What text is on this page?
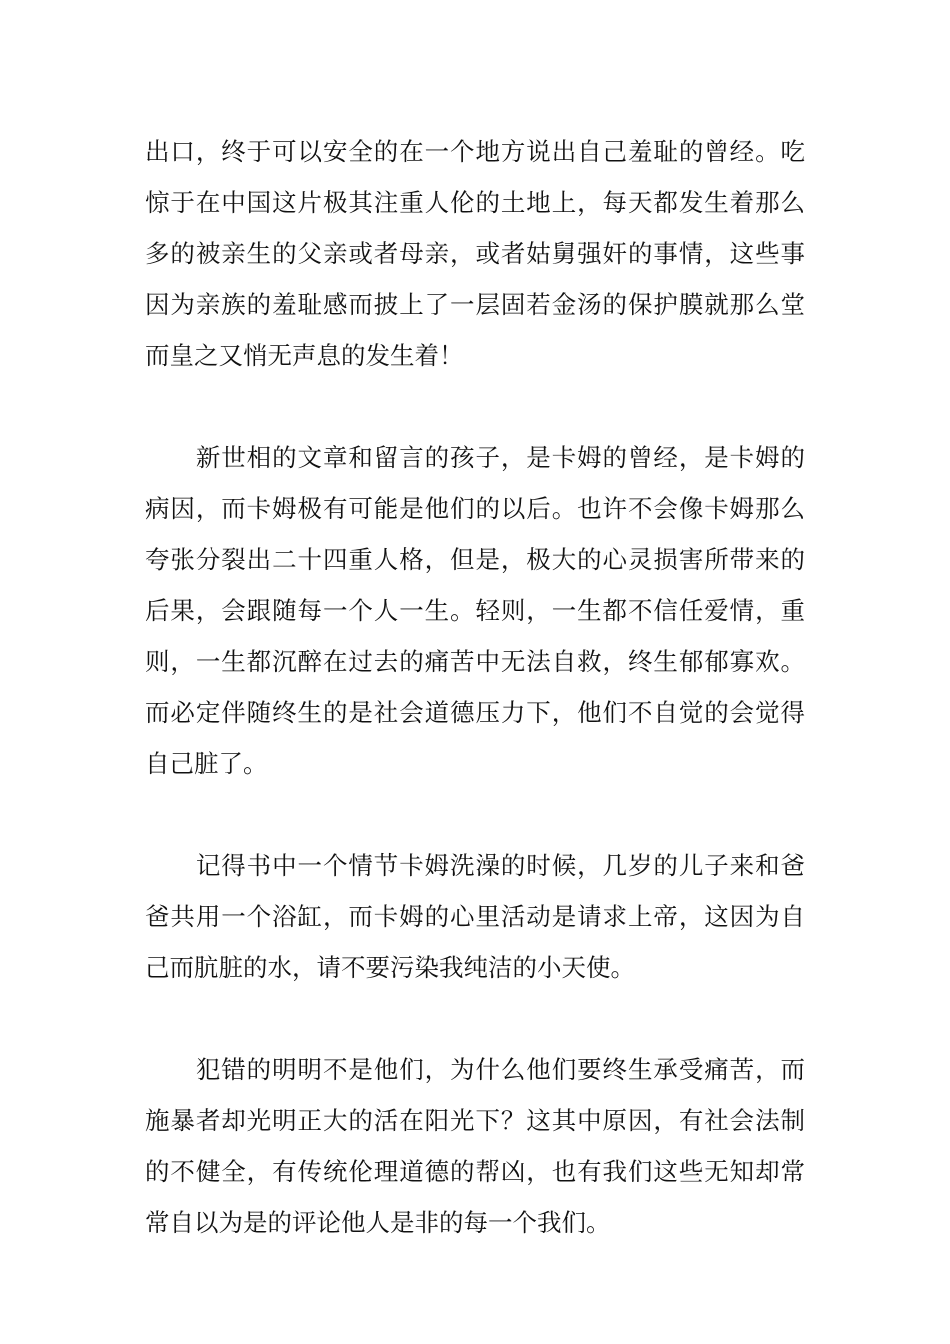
出口，终于可以安全的在一个地方说出自己羞耻的曾经。吃惊于在中国这片极其注重人伦的土地上，每天都发生着那么多的被亲生的父亲或者母亲，或者姑舅强奸的事情，这些事因为亲族的羞耻感而披上了一层固若金汤的保护膜就那么堂而皇之又悄无声息的发生着！

　　新世相的文章和留言的孩子，是卡姆的曾经，是卡姆的病因，而卡姆极有可能是他们的以后。也许不会像卡姆那么夸张分裂出二十四重人格，但是，极大的心灵损害所带来的后果，会跟随每一个人一生。轻则，一生都不信任爱情，重则，一生都沉醉在过去的痛苦中无法自救，终生郁郁寡欢。而必定伴随终生的是社会道德压力下，他们不自觉的会觉得自己脏了。

　　记得书中一个情节卡姆洗澡的时候，几岁的儿子来和爸爸共用一个浴缸，而卡姆的心里活动是请求上帝，这因为自己而肮脏的水，请不要污染我纯洁的小天使。

　　犯错的明明不是他们，为什么他们要终生承受痛苦，而施暴者却光明正大的活在阳光下？这其中原因，有社会法制的不健全，有传统伦理道德的帮凶，也有我们这些无知却常常自以为是的评论他人是非的每一个我们。
